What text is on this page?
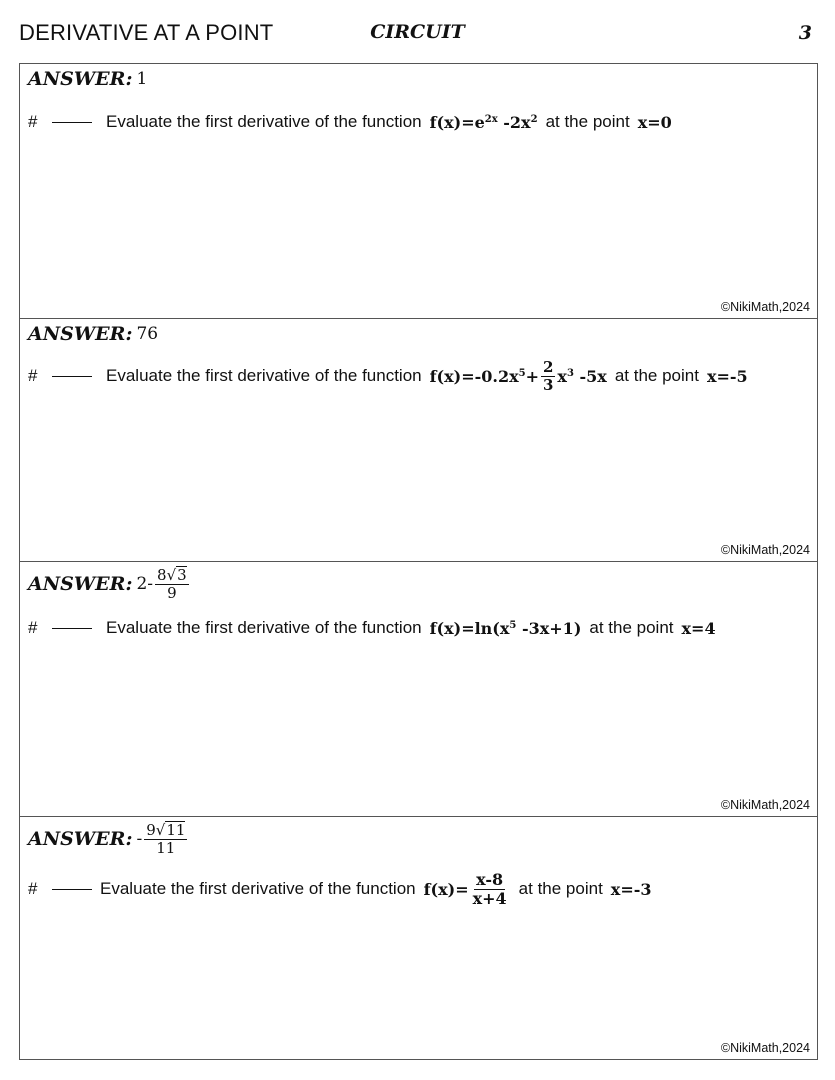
DERIVATIVE AT A POINT	CIRCUIT	3
ANSWER: 1
#	Evaluate the first derivative of the function $f(x)=e^{2x}$ $-2x^2$ at the point x=0
©NikiMath,2024
ANSWER: 76
#	Evaluate the first derivative of the function $f(x)=-0.2x^5 + \frac{2}{3} x^3$ -5x at the point x=-5
©NikiMath,2024
ANSWER: $2- \frac{8√ 3}{9}$
#	Evaluate the first derivative of the function $f(x)=\ln(x^5$ -3x+1) at the point x=4
©NikiMath,2024
ANSWER: - $\frac{9√ 11}{11}$
#	Evaluate the first derivative of the function $f(x)= \frac{x-8}{x+4}$ at the point x=-3
©NikiMath,2024
